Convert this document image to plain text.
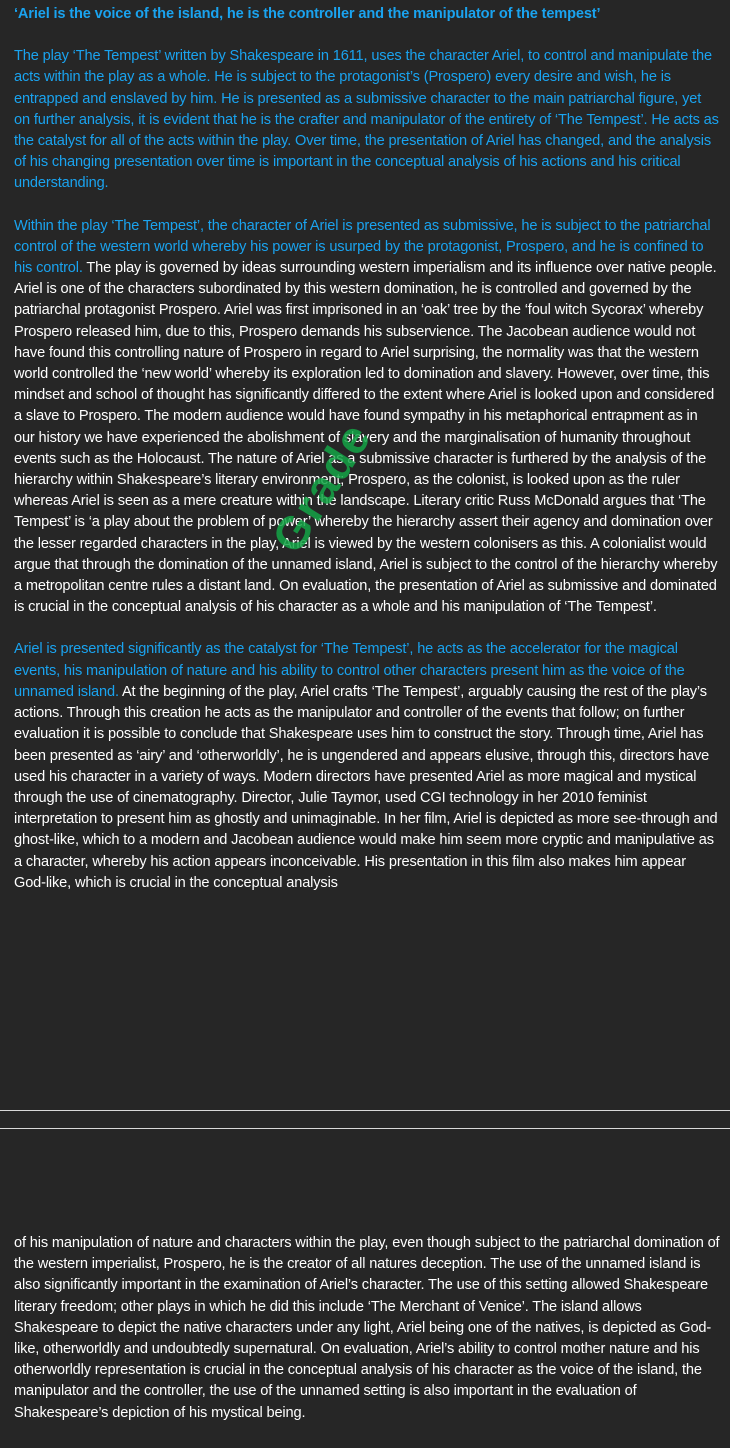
‘Ariel is the voice of the island, he is the controller and the manipulator of the tempest’
The play ‘The Tempest’ written by Shakespeare in 1611, uses the character Ariel, to control and manipulate the acts within the play as a whole. He is subject to the protagonist’s (Prospero) every desire and wish, he is entrapped and enslaved by him. He is presented as a submissive character to the main patriarchal figure, yet on further analysis, it is evident that he is the crafter and manipulator of the entirety of ‘The Tempest’. He acts as the catalyst for all of the acts within the play. Over time, the presentation of Ariel has changed, and the analysis of his changing presentation over time is important in the conceptual analysis of his actions and his critical understanding.
Within the play ‘The Tempest’, the character of Ariel is presented as submissive, he is subject to the patriarchal control of the western world whereby his power is usurped by the protagonist, Prospero, and he is confined to his control. The play is governed by ideas surrounding western imperialism and its influence over native people. Ariel is one of the characters subordinated by this western domination, he is controlled and governed by the patriarchal protagonist Prospero. Ariel was first imprisoned in an ‘oak’ tree by the ‘foul witch Sycorax’ whereby Prospero released him, due to this, Prospero demands his subservience. The Jacobean audience would not have found this controlling nature of Prospero in regard to Ariel surprising, the normality was that the western world controlled the ‘new world’ whereby its exploration led to domination and slavery. However, over time, this mindset and school of thought has significantly differed to the extent where Ariel is looked upon and considered a slave to Prospero. The modern audience would have found sympathy in his metaphorical entrapment as in our history we have experienced the abolishment of slavery and the marginalisation of humanity throughout events such as the Holocaust. The nature of Ariel as a submissive character is furthered by the analysis of the hierarchy within Shakespeare’s literary environment; Prospero, as the colonist, is looked upon as the ruler whereas Ariel is seen as a mere creature within the landscape. Literary critic Russ McDonald argues that ‘The Tempest’ is ‘a play about the problem of power’ whereby the hierarchy assert their agency and domination over the lesser regarded characters in the play, Ariel is viewed by the western colonisers as this. A colonialist would argue that through the domination of the unnamed island, Ariel is subject to the control of the hierarchy whereby a metropolitan centre rules a distant land. On evaluation, the presentation of Ariel as submissive and dominated is crucial in the conceptual analysis of his character as a whole and his manipulation of ‘The Tempest’.
Ariel is presented significantly as the catalyst for ‘The Tempest’, he acts as the accelerator for the magical events, his manipulation of nature and his ability to control other characters present him as the voice of the unnamed island. At the beginning of the play, Ariel crafts ‘The Tempest’, arguably causing the rest of the play’s actions. Through this creation he acts as the manipulator and controller of the events that follow; on further evaluation it is possible to conclude that Shakespeare uses him to construct the story. Through time, Ariel has been presented as ‘airy’ and ‘otherworldly’, he is ungendered and appears elusive, through this, directors have used his character in a variety of ways. Modern directors have presented Ariel as more magical and mystical through the use of cinematography. Director, Julie Taymor, used CGI technology in her 2010 feminist interpretation to present him as ghostly and unimaginable. In her film, Ariel is depicted as more see-through and ghost-like, which to a modern and Jacobean audience would make him seem more cryptic and manipulative as a character, whereby his action appears inconceivable. His presentation in this film also makes him appear God-like, which is crucial in the conceptual analysis
Grade
of his manipulation of nature and characters within the play, even though subject to the patriarchal domination of the western imperialist, Prospero, he is the creator of all natures deception. The use of the unnamed island is also significantly important in the examination of Ariel’s character. The use of this setting allowed Shakespeare literary freedom; other plays in which he did this include ‘The Merchant of Venice’. The island allows Shakespeare to depict the native characters under any light, Ariel being one of the natives, is depicted as God-like, otherworldly and undoubtedly supernatural. On evaluation, Ariel’s ability to control mother nature and his otherworldly representation is crucial in the conceptual analysis of his character as the voice of the island, the manipulator and the controller, the use of the unnamed setting is also important in the evaluation of Shakespeare’s depiction of his mystical being.
